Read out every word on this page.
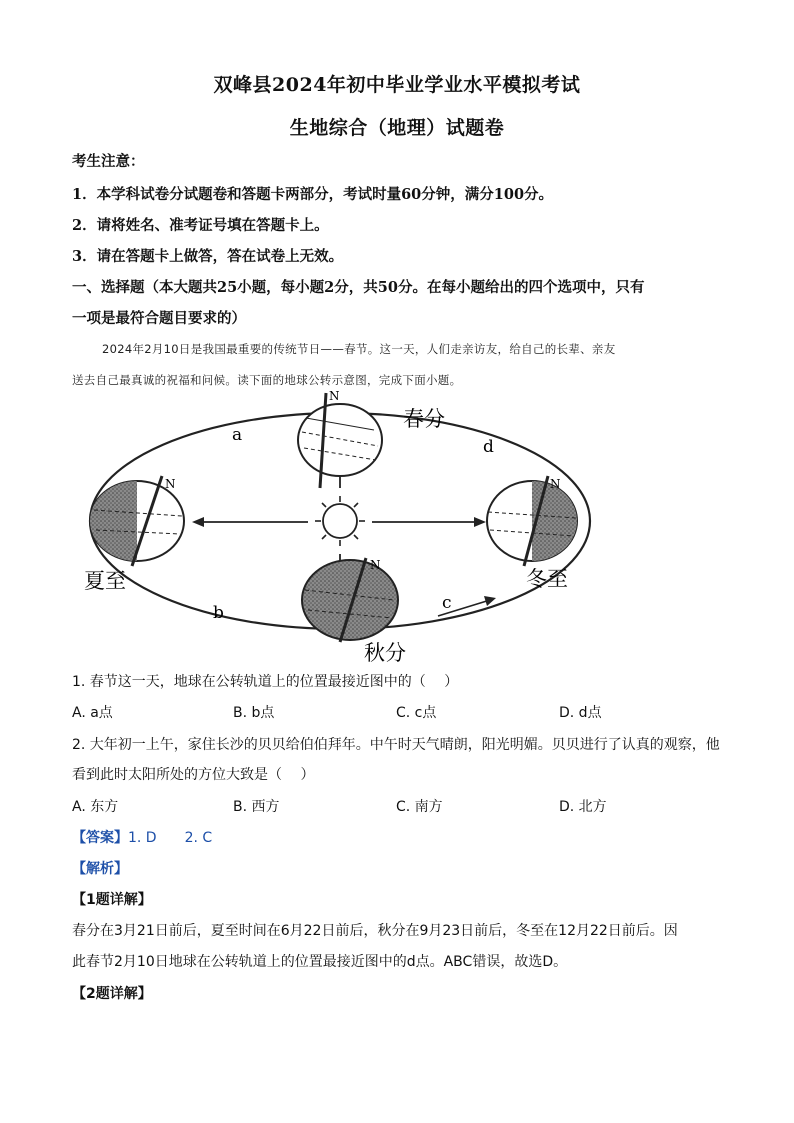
双峰县2024年初中毕业学业水平模拟考试
生地综合（地理）试题卷
考生注意：
1．本学科试卷分试题卷和答题卡两部分，考试时量60分钟，满分100分。
2．请将姓名、准考证号填在答题卡上。
3．请在答题卡上做答，答在试卷上无效。
一、选择题（本大题共25小题，每小题2分，共50分。在每小题给出的四个选项中，只有
一项是最符合题目要求的）
2024年2月10日是我国最重要的传统节日——春节。这一天，人们走亲访友，给自己的长辈、亲友
送去自己最真诚的祝福和问候。读下面的地球公转示意图，完成下面小题。
N
N	N
N
春分
夏至
秋分
冬至
a
b	c
d
1. 春节这一天，地球在公转轨道上的位置最接近图中的（　 ）
A. a点	B. b点	C. c点	D. d点
2. 大年初一上午，家住长沙的贝贝给伯伯拜年。中午时天气晴朗，阳光明媚。贝贝进行了认真的观察，他
看到此时太阳所处的方位大致是（　 ）
A. 东方	B. 西方	C. 南方	D. 北方
【答案】1. D　　2. C
【解析】
【1题详解】
春分在3月21日前后，夏至时间在6月22日前后，秋分在9月23日前后，冬至在12月22日前后。因
此春节2月10日地球在公转轨道上的位置最接近图中的d点。ABC错误，故选D。
【2题详解】
